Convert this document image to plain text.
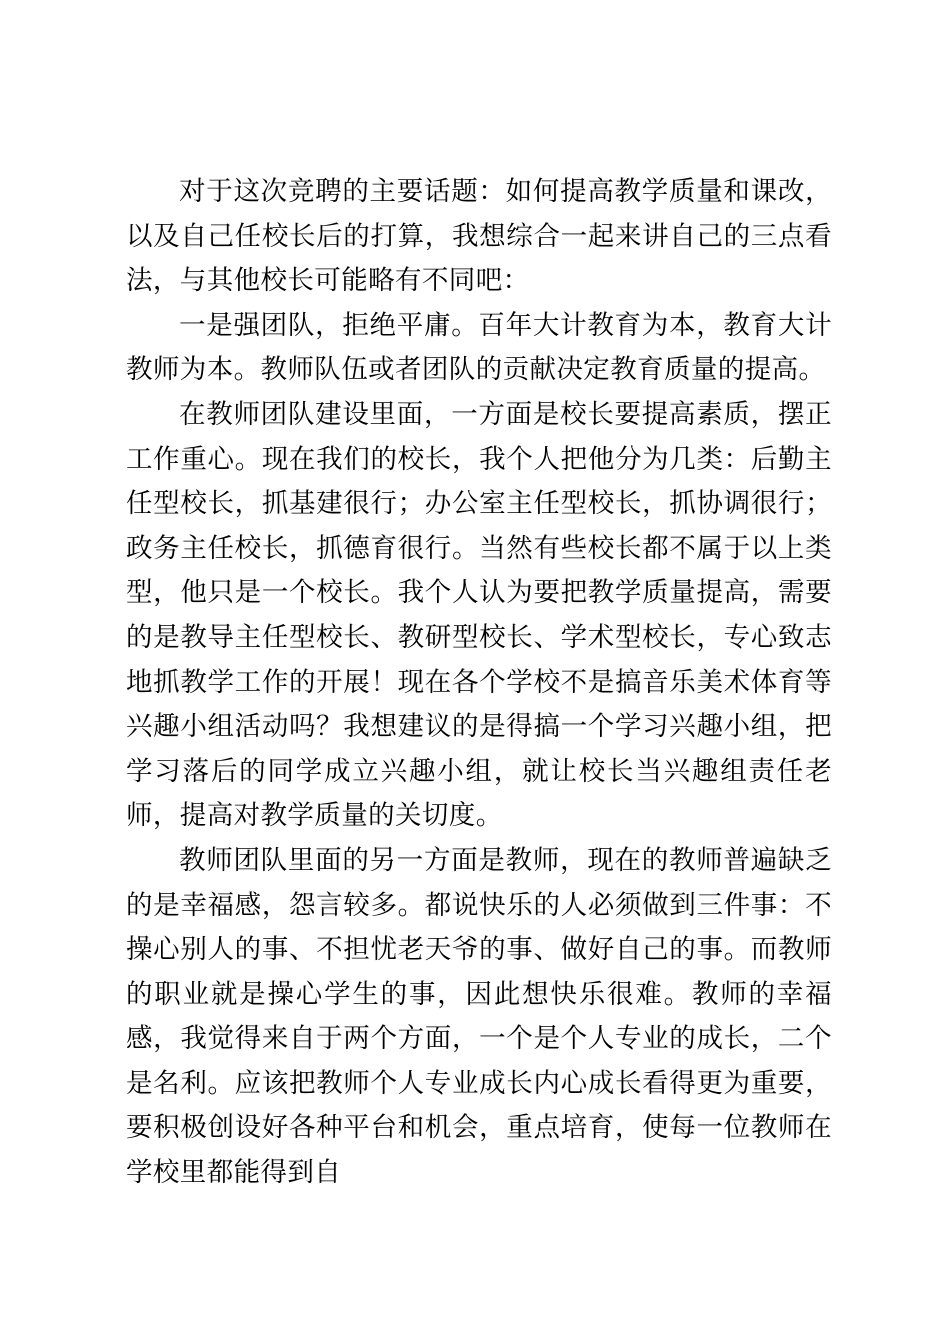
对于这次竞聘的主要话题：如何提高教学质量和课改，以及自己任校长后的打算，我想综合一起来讲自己的三点看法，与其他校长可能略有不同吧：

一是强团队，拒绝平庸。百年大计教育为本，教育大计教师为本。教师队伍或者团队的贡献决定教育质量的提高。

在教师团队建设里面，一方面是校长要提高素质，摆正工作重心。现在我们的校长，我个人把他分为几类：后勤主任型校长，抓基建很行；办公室主任型校长，抓协调很行；政务主任校长，抓德育很行。当然有些校长都不属于以上类型，他只是一个校长。我个人认为要把教学质量提高，需要的是教导主任型校长、教研型校长、学术型校长，专心致志地抓教学工作的开展！现在各个学校不是搞音乐美术体育等兴趣小组活动吗？我想建议的是得搞一个学习兴趣小组，把学习落后的同学成立兴趣小组，就让校长当兴趣组责任老师，提高对教学质量的关切度。

教师团队里面的另一方面是教师，现在的教师普遍缺乏的是幸福感，怨言较多。都说快乐的人必须做到三件事：不操心别人的事、不担忧老天爷的事、做好自己的事。而教师的职业就是操心学生的事，因此想快乐很难。教师的幸福感，我觉得来自于两个方面，一个是个人专业的成长，二个是名利。应该把教师个人专业成长内心成长看得更为重要，要积极创设好各种平台和机会，重点培育，使每一位教师在学校里都能得到自
